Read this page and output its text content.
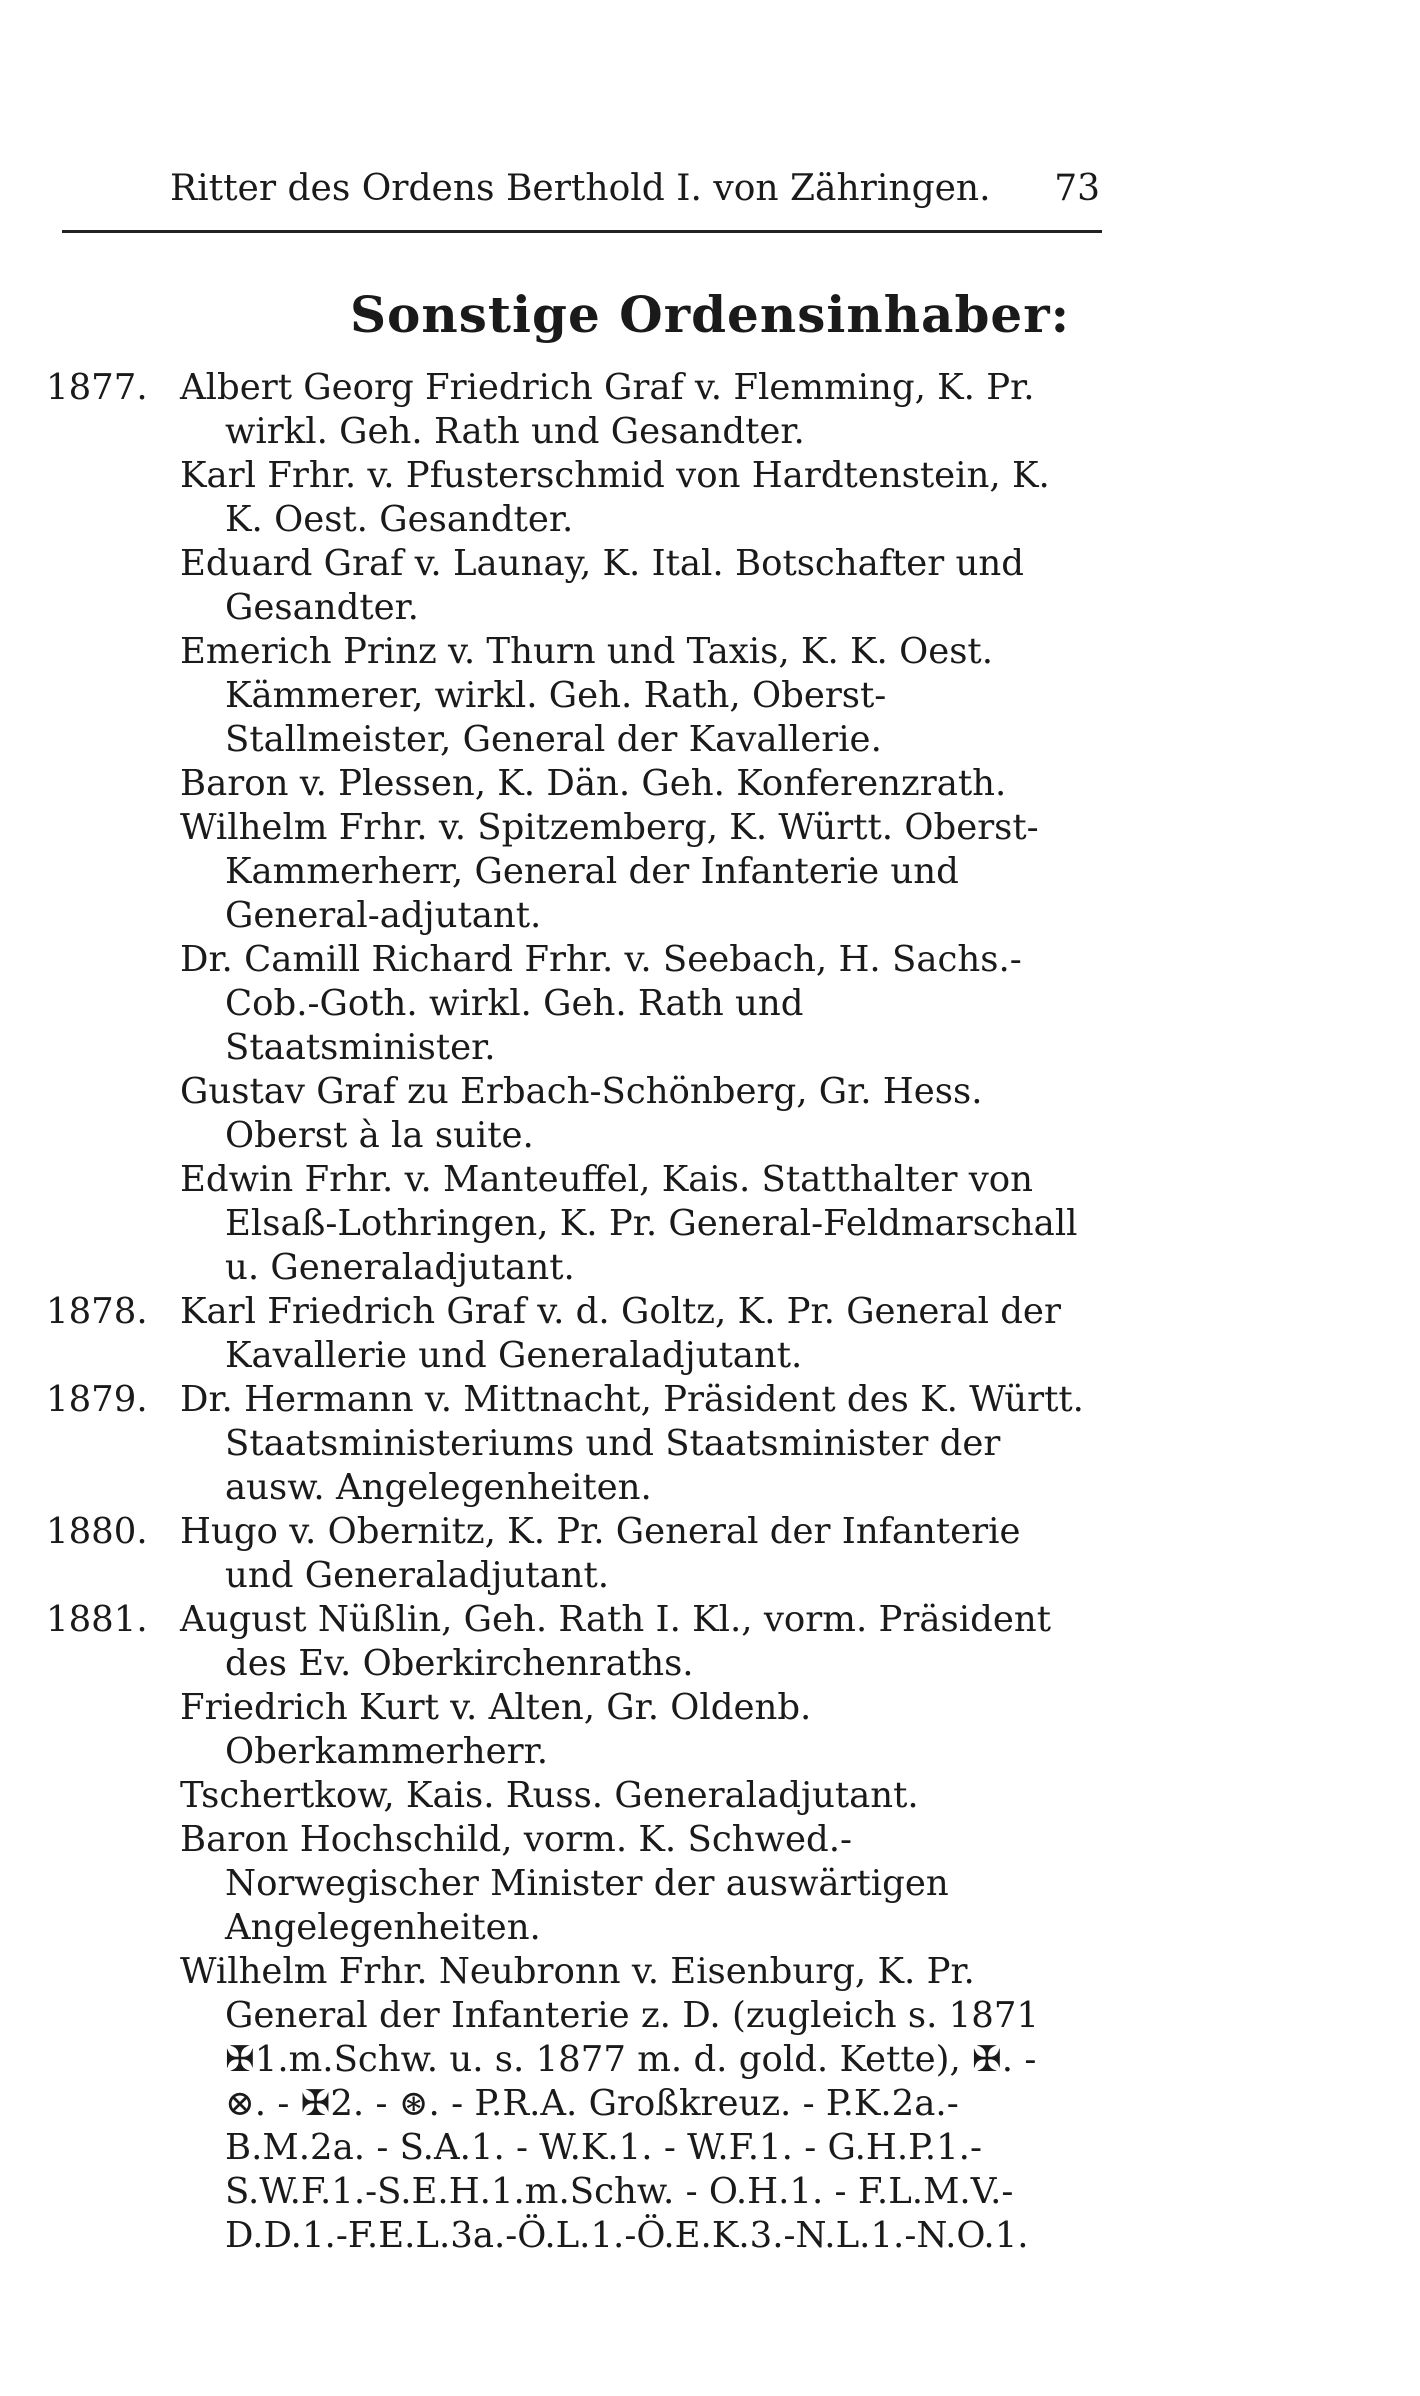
Ritter des Ordens Berthold I. von Zähringen. 73
Sonstige Ordensinhaber:
1877. Albert Georg Friedrich Graf v. Flemming, K. Pr. wirkl. Geh. Rath und Gesandter.
Karl Frhr. v. Pfusterschmid von Hardtenstein, K. K. Oest. Gesandter.
Eduard Graf v. Launay, K. Ital. Botschafter und Gesandter.
Emerich Prinz v. Thurn und Taxis, K. K. Oest. Kämmerer, wirkl. Geh. Rath, Oberst-Stallmeister, General der Kavallerie.
Baron v. Plessen, K. Dän. Geh. Konferenzrath.
Wilhelm Frhr. v. Spitzemberg, K. Württ. Oberst-Kammerherr, General der Infanterie und General-adjutant.
Dr. Camill Richard Frhr. v. Seebach, H. Sachs.-Cob.-Goth. wirkl. Geh. Rath und Staatsminister.
Gustav Graf zu Erbach-Schönberg, Gr. Hess. Oberst à la suite.
Edwin Frhr. v. Manteuffel, Kais. Statthalter von Elsaß-Lothringen, K. Pr. General-Feldmarschall u. Generaladjutant.
1878. Karl Friedrich Graf v. d. Goltz, K. Pr. General der Kavallerie und Generaladjutant.
1879. Dr. Hermann v. Mittnacht, Präsident des K. Württ. Staatsministeriums und Staatsminister der ausw. Angelegenheiten.
1880. Hugo v. Obernitz, K. Pr. General der Infanterie und Generaladjutant.
1881. August Nüßlin, Geh. Rath I. Kl., vorm. Präsident des Ev. Oberkirchenraths.
Friedrich Kurt v. Alten, Gr. Oldenb. Oberkammerherr.
Tschertkow, Kais. Russ. Generaladjutant.
Baron Hochschild, vorm. K. Schwed.-Norwegischer Minister der auswärtigen Angelegenheiten.
Wilhelm Frhr. Neubronn v. Eisenburg, K. Pr. General der Infanterie z. D. (zugleich s. 1871 ✠1.m.Schw. u. s. 1877 m. d. gold. Kette), ✠. - ⊗. - ✠2. - ⊛. - P.R.A. Großkreuz. - P.K.2a.-B.M.2a. - S.A.1. - W.K.1. - W.F.1. - G.H.P.1.-S.W.F.1.-S.E.H.1.m.Schw. - O.H.1. - F.L.M.V.-D.D.1.-F.E.L.3a.-Ö.L.1.-Ö.E.K.3.-N.L.1.-N.O.1.
